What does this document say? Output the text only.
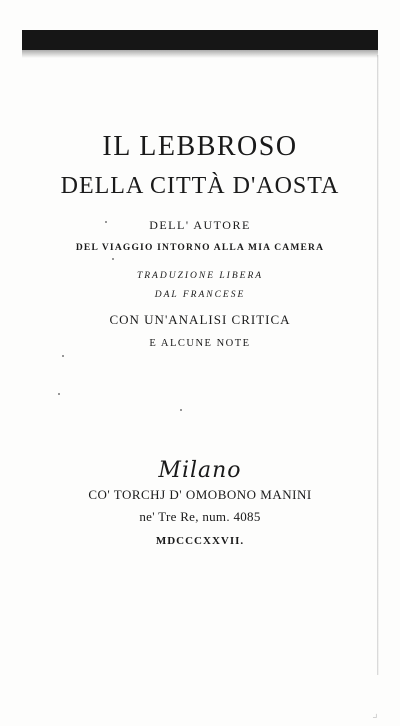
IL LEBBROSO
DELLA CITTÀ D'AOSTA
DELL' AUTORE
DEL VIAGGIO INTORNO ALLA MIA CAMERA
TRADUZIONE LIBERA
DAL FRANCESE
CON UN'ANALISI CRITICA
E ALCUNE NOTE
Milano
CO' TORCHJ D' OMOBONO MANINI
ne' Tre Re, num. 4085
MDCCCXXVII.
⌟
